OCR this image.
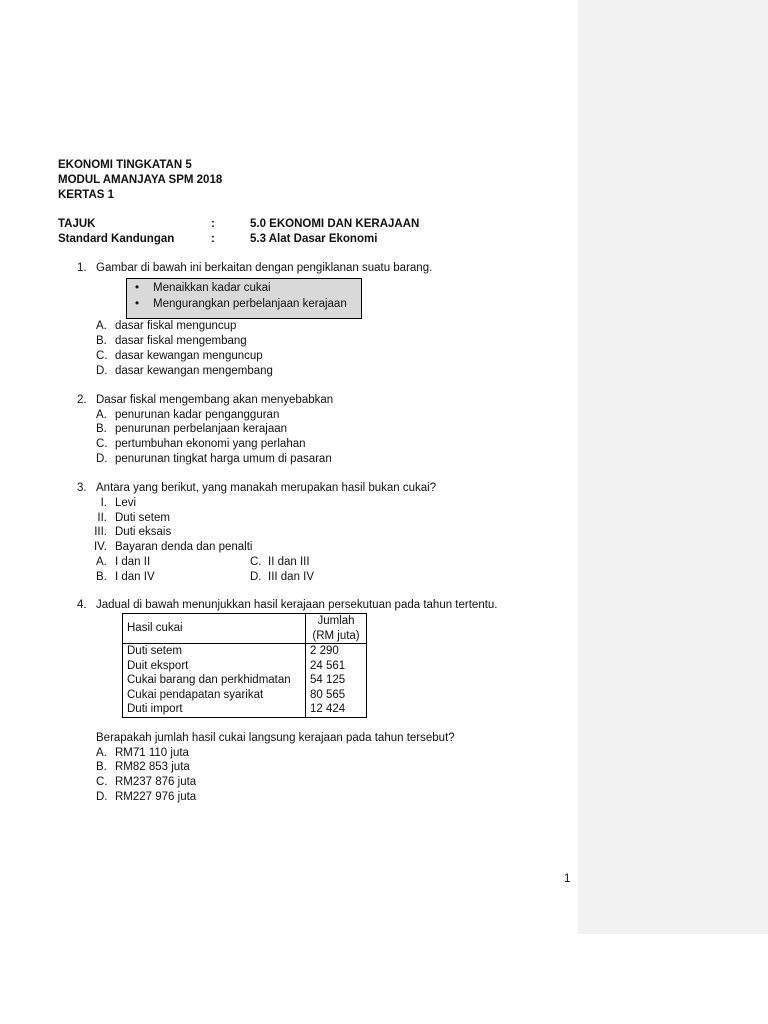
EKONOMI TINGKATAN 5
MODUL AMANJAYA SPM 2018
KERTAS 1
TAJUK	:	5.0 EKONOMI DAN KERAJAAN
Standard Kandungan	:	5.3 Alat Dasar Ekonomi
1. Gambar di bawah ini berkaitan dengan pengiklanan suatu barang.
• Menaikkan kadar cukai
• Mengurangkan perbelanjaan kerajaan
A. dasar fiskal menguncup
B. dasar fiskal mengembang
C. dasar kewangan menguncup
D. dasar kewangan mengembang
2. Dasar fiskal mengembang akan menyebabkan
A. penurunan kadar pengangguran
B. penurunan perbelanjaan kerajaan
C. pertumbuhan ekonomi yang perlahan
D. penurunan tingkat harga umum di pasaran
3. Antara yang berikut, yang manakah merupakan hasil bukan cukai?
I. Levi
II. Duti setem
III. Duti eksais
IV. Bayaran denda dan penalti
A. I dan II	C. II dan III
B. I dan IV	D. III dan IV
4. Jadual di bawah menunjukkan hasil kerajaan persekutuan pada tahun tertentu.
Hasil cukai	Jumlah
(RM juta)

Duti setem	2 290
Duit eksport	24 561
Cukai barang dan perkhidmatan	54 125
Cukai pendapatan syarikat	80 565
Duti import	12 424
Berapakah jumlah hasil cukai langsung kerajaan pada tahun tersebut?
A. RM71 110 juta
B. RM82 853 juta
C. RM237 876 juta
D. RM227 976 juta
1
